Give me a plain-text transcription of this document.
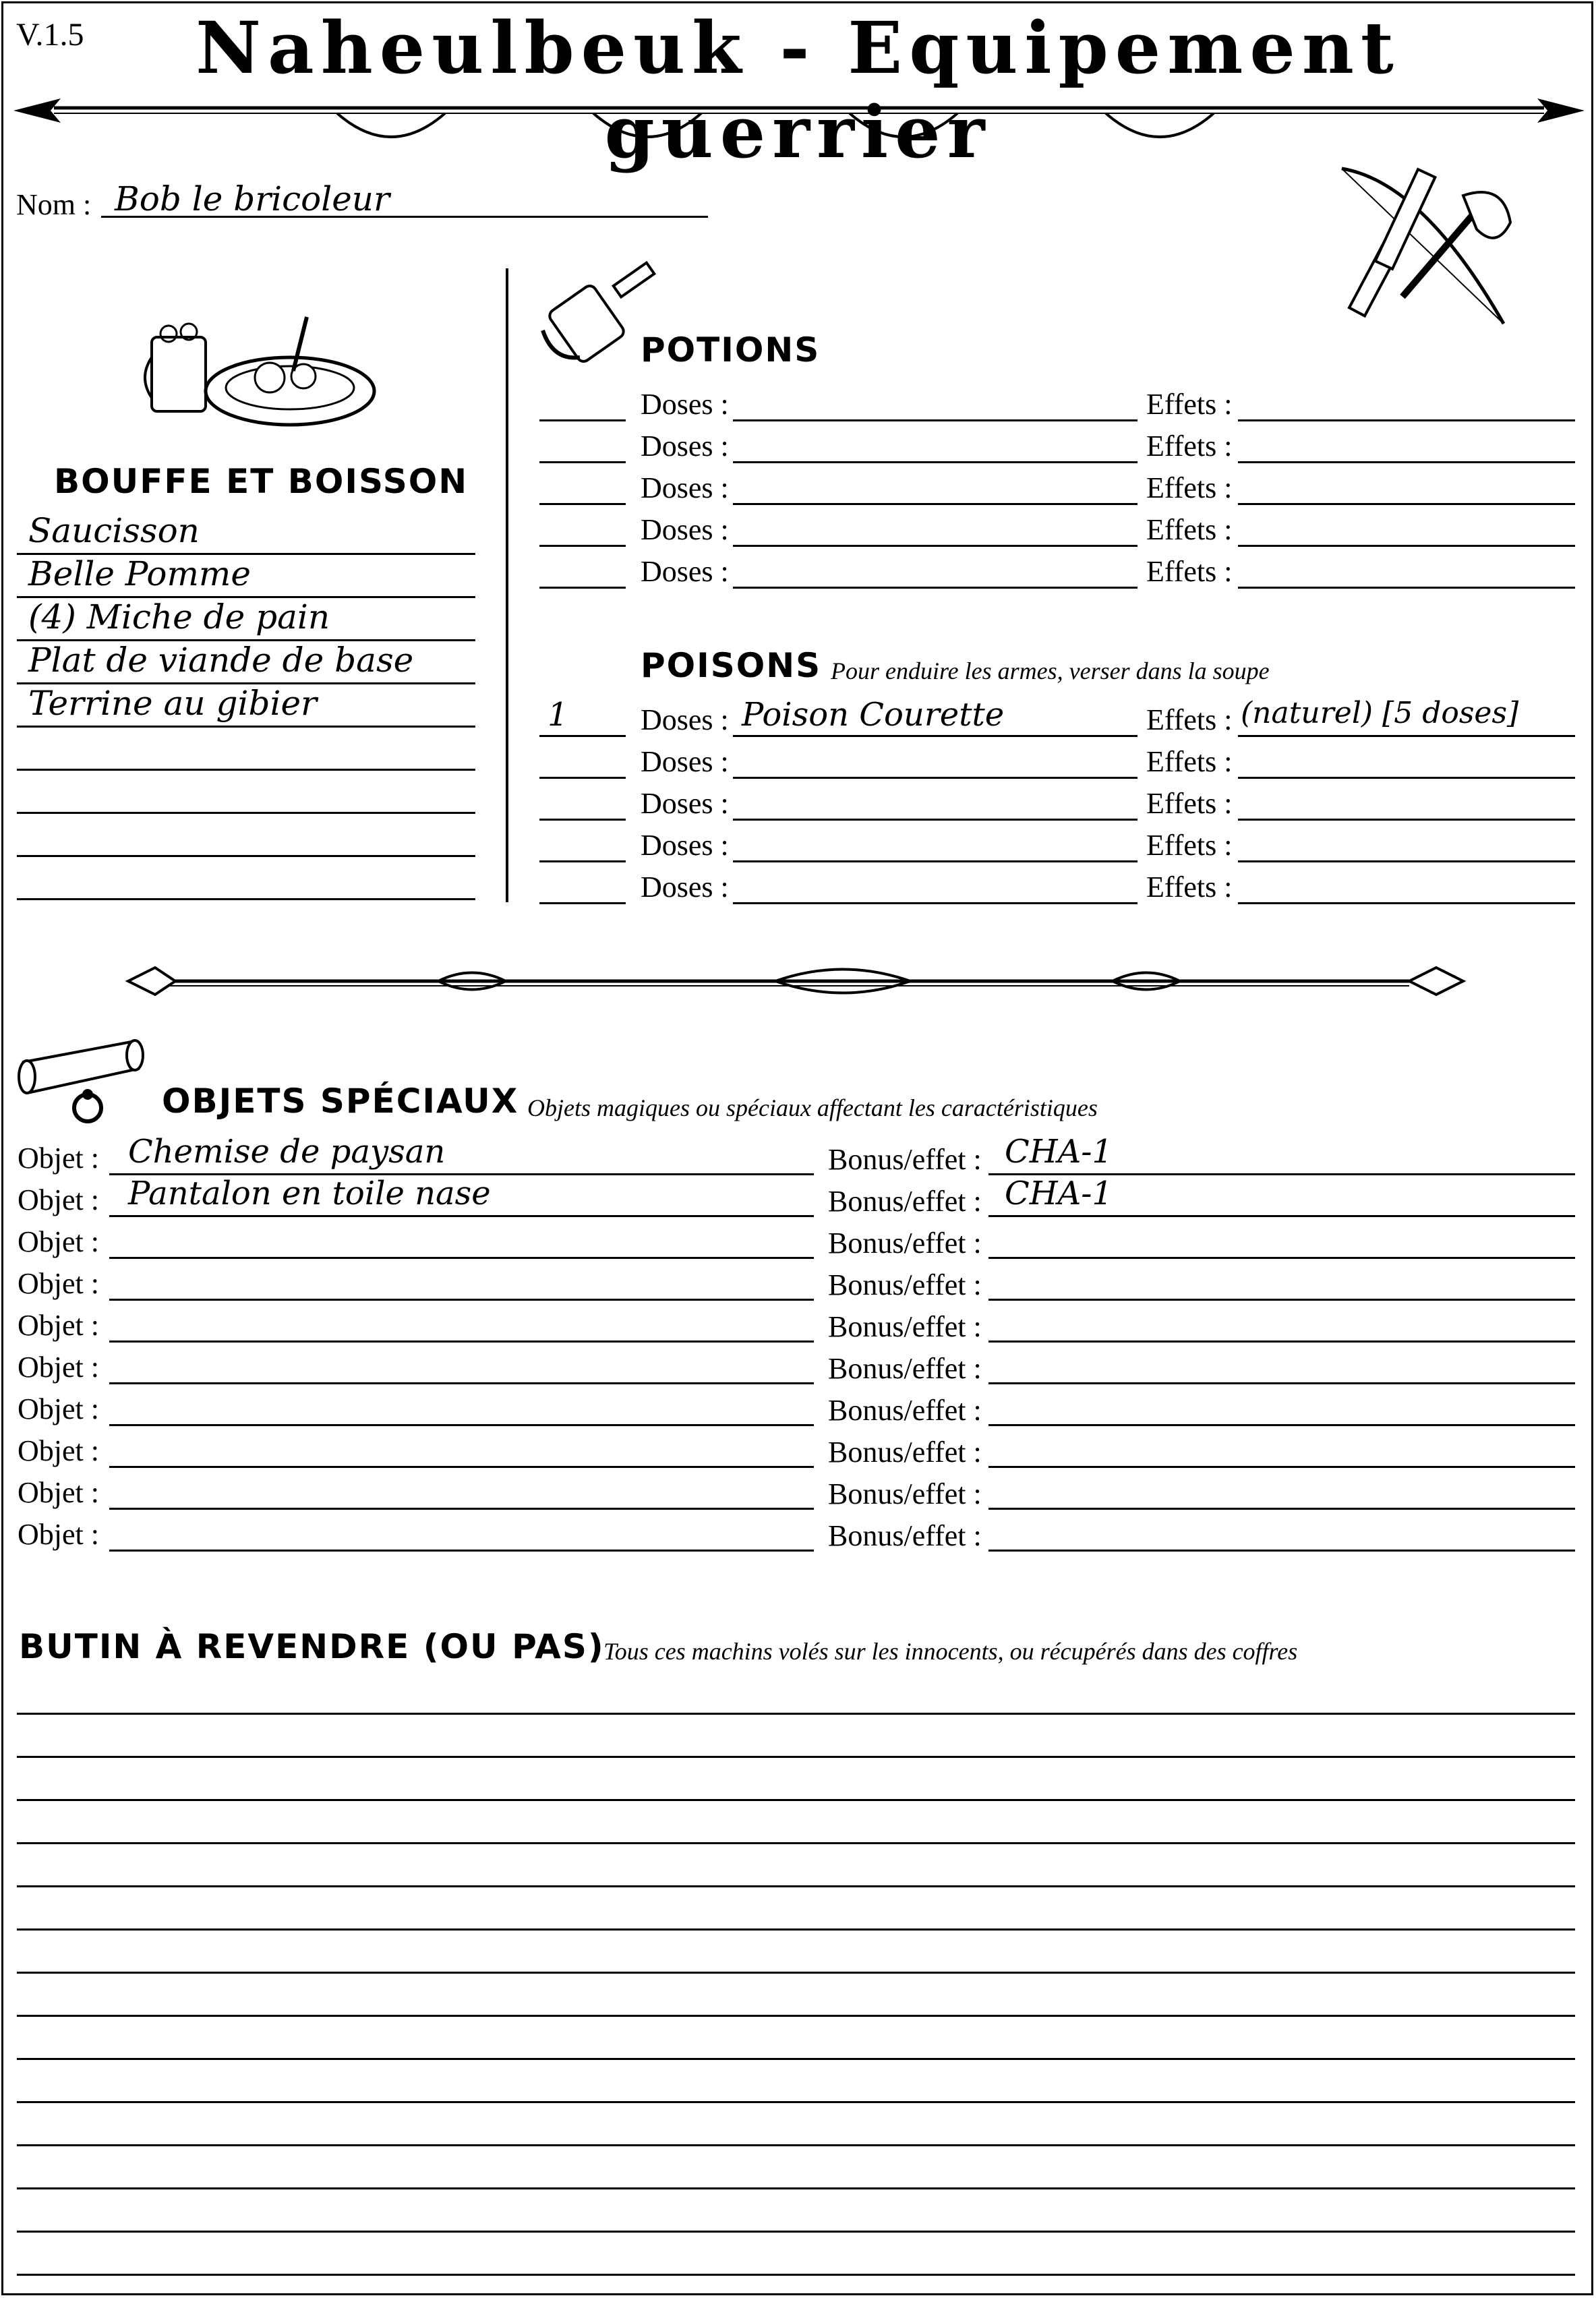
V.1.5	Naheulbeuk - Equipement guerrier
Nom : Bob le bricoleur
BOUFFE ET BOISSON
Saucisson
Belle Pomme
(4) Miche de pain
Plat de viande de base
Terrine au gibier
POTIONS
Doses :	Effets :
Doses :	Effets :
Doses :	Effets :
Doses :	Effets :
Doses :	Effets :
POISONS Pour enduire les armes, verser dans la soupe
1 Doses : Poison Courette	Effets : (naturel) [5 doses]
Doses :	Effets :
Doses :	Effets :
Doses :	Effets :
Doses :	Effets :
OBJETS SPÉCIAUX Objets magiques ou spéciaux affectant les caractéristiques
Objet : Chemise de paysan	Bonus/effet : CHA-1
Objet : Pantalon en toile nase	Bonus/effet : CHA-1
Objet :	Bonus/effet :
Objet :	Bonus/effet :
Objet :	Bonus/effet :
Objet :	Bonus/effet :
Objet :	Bonus/effet :
Objet :	Bonus/effet :
Objet :	Bonus/effet :
Objet :	Bonus/effet :
BUTIN À REVENDRE (OU PAS)
Tous ces machins volés sur les innocents, ou récupérés dans des coffres
